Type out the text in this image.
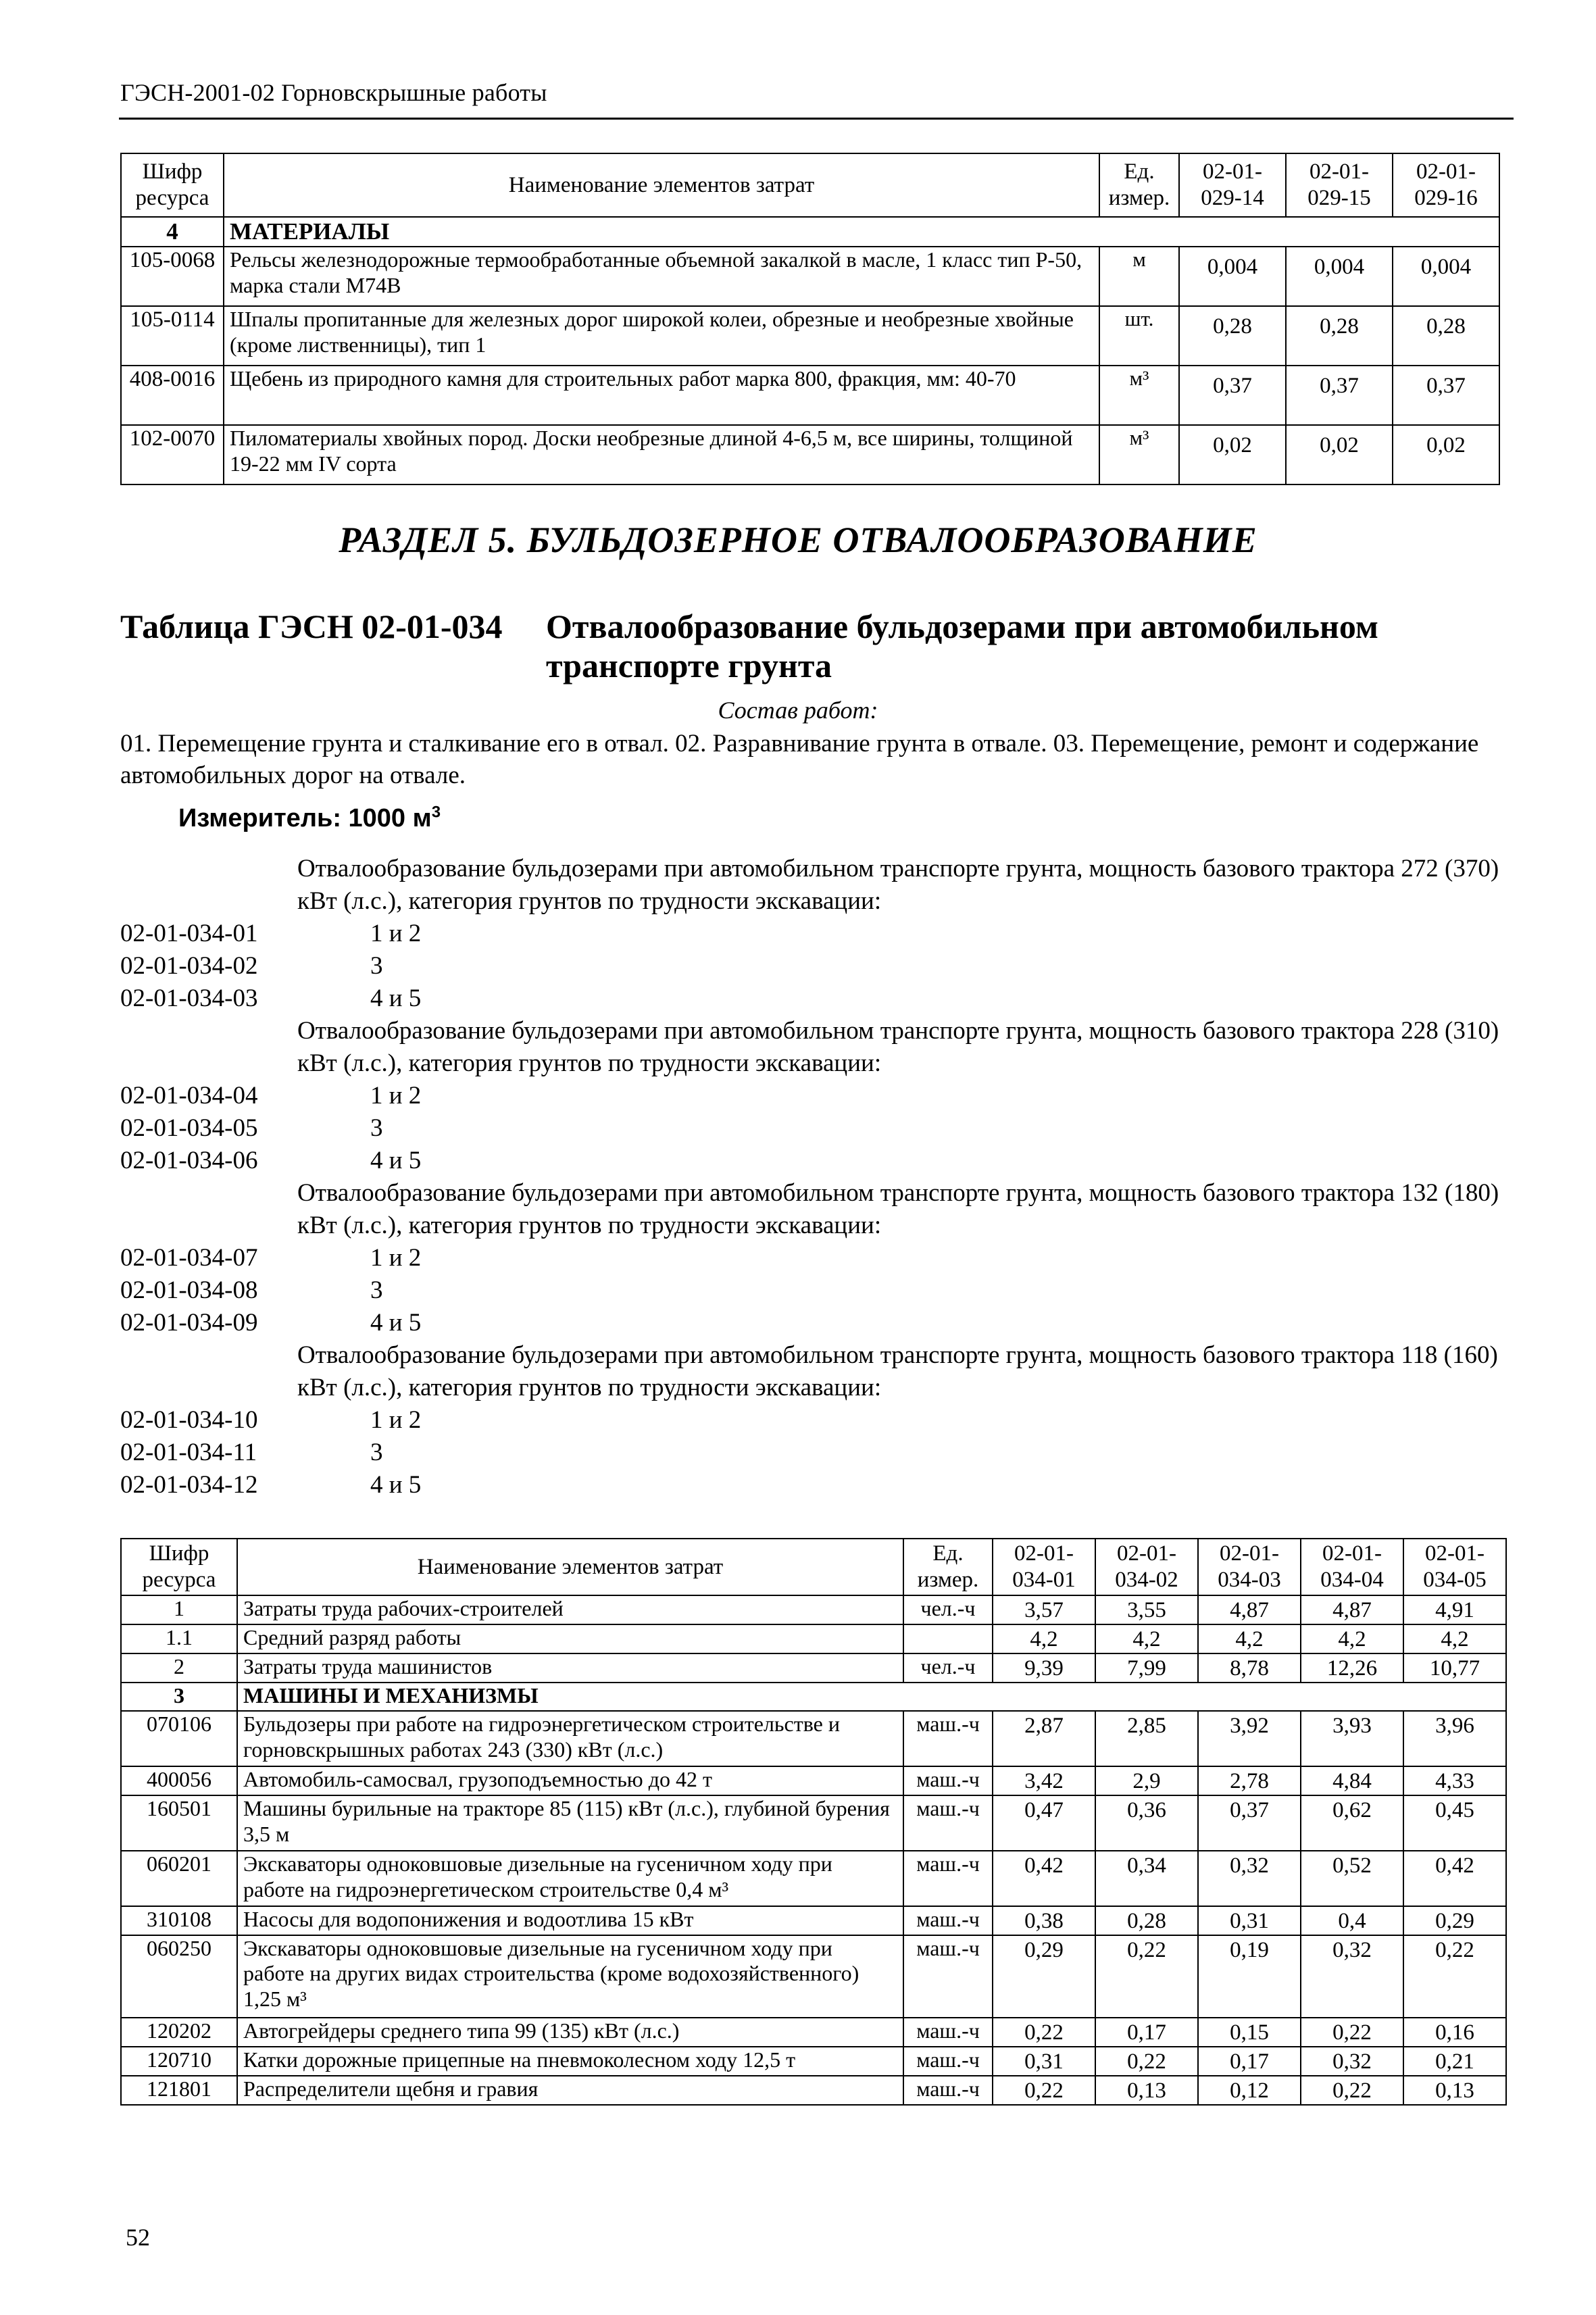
ГЭСН-2001-02 Горновскрышные работы
Шифр ресурса	Наименование элементов затрат	Ед. измер.	02-01-029-14	02-01-029-15	02-01-029-16
4	МАТЕРИАЛЫ				
105-0068	Рельсы железнодорожные термообработанные объемной закалкой в масле, 1 класс тип Р-50, марка стали М74В	м	0,004	0,004	0,004
105-0114	Шпалы пропитанные для железных дорог широкой колеи, обрезные и необрезные хвойные (кроме лиственницы), тип 1	шт.	0,28	0,28	0,28
408-0016	Щебень из природного камня для строительных работ марка 800, фракция, мм: 40-70	м³	0,37	0,37	0,37
102-0070	Пиломатериалы хвойных пород. Доски необрезные длиной 4-6,5 м, все ширины, толщиной 19-22 мм IV сорта	м³	0,02	0,02	0,02
РАЗДЕЛ 5. БУЛЬДОЗЕРНОЕ ОТВАЛООБРАЗОВАНИЕ
Таблица ГЭСН 02-01-034 Отвалообразование бульдозерами при автомобильном транспорте грунта
Состав работ:
01. Перемещение грунта и сталкивание его в отвал. 02. Разравнивание грунта в отвале. 03. Перемещение, ремонт и содержание автомобильных дорог на отвале.
Измеритель: 1000 $м^3$
Отвалообразование бульдозерами при автомобильном транспорте грунта, мощность базового трактора 272 (370) кВт (л.с.), категория грунтов по трудности экскавации:
02-01-034-01	1 и 2
02-01-034-02	3
02-01-034-03	4 и 5
Отвалообразование бульдозерами при автомобильном транспорте грунта, мощность базового трактора 228 (310) кВт (л.с.), категория грунтов по трудности экскавации:
02-01-034-04	1 и 2
02-01-034-05	3
02-01-034-06	4 и 5
Отвалообразование бульдозерами при автомобильном транспорте грунта, мощность базового трактора 132 (180) кВт (л.с.), категория грунтов по трудности экскавации:
02-01-034-07	1 и 2
02-01-034-08	3
02-01-034-09	4 и 5
Отвалообразование бульдозерами при автомобильном транспорте грунта, мощность базового трактора 118 (160) кВт (л.с.), категория грунтов по трудности экскавации:
02-01-034-10	1 и 2
02-01-034-11	3
02-01-034-12	4 и 5
Шифр ресурса	Наименование элементов затрат	Ед. измер.	02-01-034-01	02-01-034-02	02-01-034-03	02-01-034-04	02-01-034-05
1	Затраты труда рабочих-строителей	чел.-ч	3,57	3,55	4,87	4,87	4,91
1.1	Средний разряд работы		4,2	4,2	4,2	4,2	4,2
2	Затраты труда машинистов	чел.-ч	9,39	7,99	8,78	12,26	10,77
3	МАШИНЫ И МЕХАНИЗМЫ						
070106	Бульдозеры при работе на гидроэнергетическом строительстве и горновскрышных работах 243 (330) кВт (л.с.)	маш.-ч	2,87	2,85	3,92	3,93	3,96
400056	Автомобиль-самосвал, грузоподъемностью до 42 т	маш.-ч	3,42	2,9	2,78	4,84	4,33
160501	Машины бурильные на тракторе 85 (115) кВт (л.с.), глубиной бурения 3,5 м	маш.-ч	0,47	0,36	0,37	0,62	0,45
060201	Экскаваторы одноковшовые дизельные на гусеничном ходу при работе на гидроэнергетическом строительстве 0,4 м³	маш.-ч	0,42	0,34	0,32	0,52	0,42
310108	Насосы для водопонижения и водоотлива 15 кВт	маш.-ч	0,38	0,28	0,31	0,4	0,29
060250	Экскаваторы одноковшовые дизельные на гусеничном ходу при работе на других видах строительства (кроме водохозяйственного) 1,25 м³	маш.-ч	0,29	0,22	0,19	0,32	0,22
120202	Автогрейдеры среднего типа 99 (135) кВт (л.с.)	маш.-ч	0,22	0,17	0,15	0,22	0,16
120710	Катки дорожные прицепные на пневмоколесном ходу 12,5 т	маш.-ч	0,31	0,22	0,17	0,32	0,21
121801	Распределители щебня и гравия	маш.-ч	0,22	0,13	0,12	0,22	0,13
52
